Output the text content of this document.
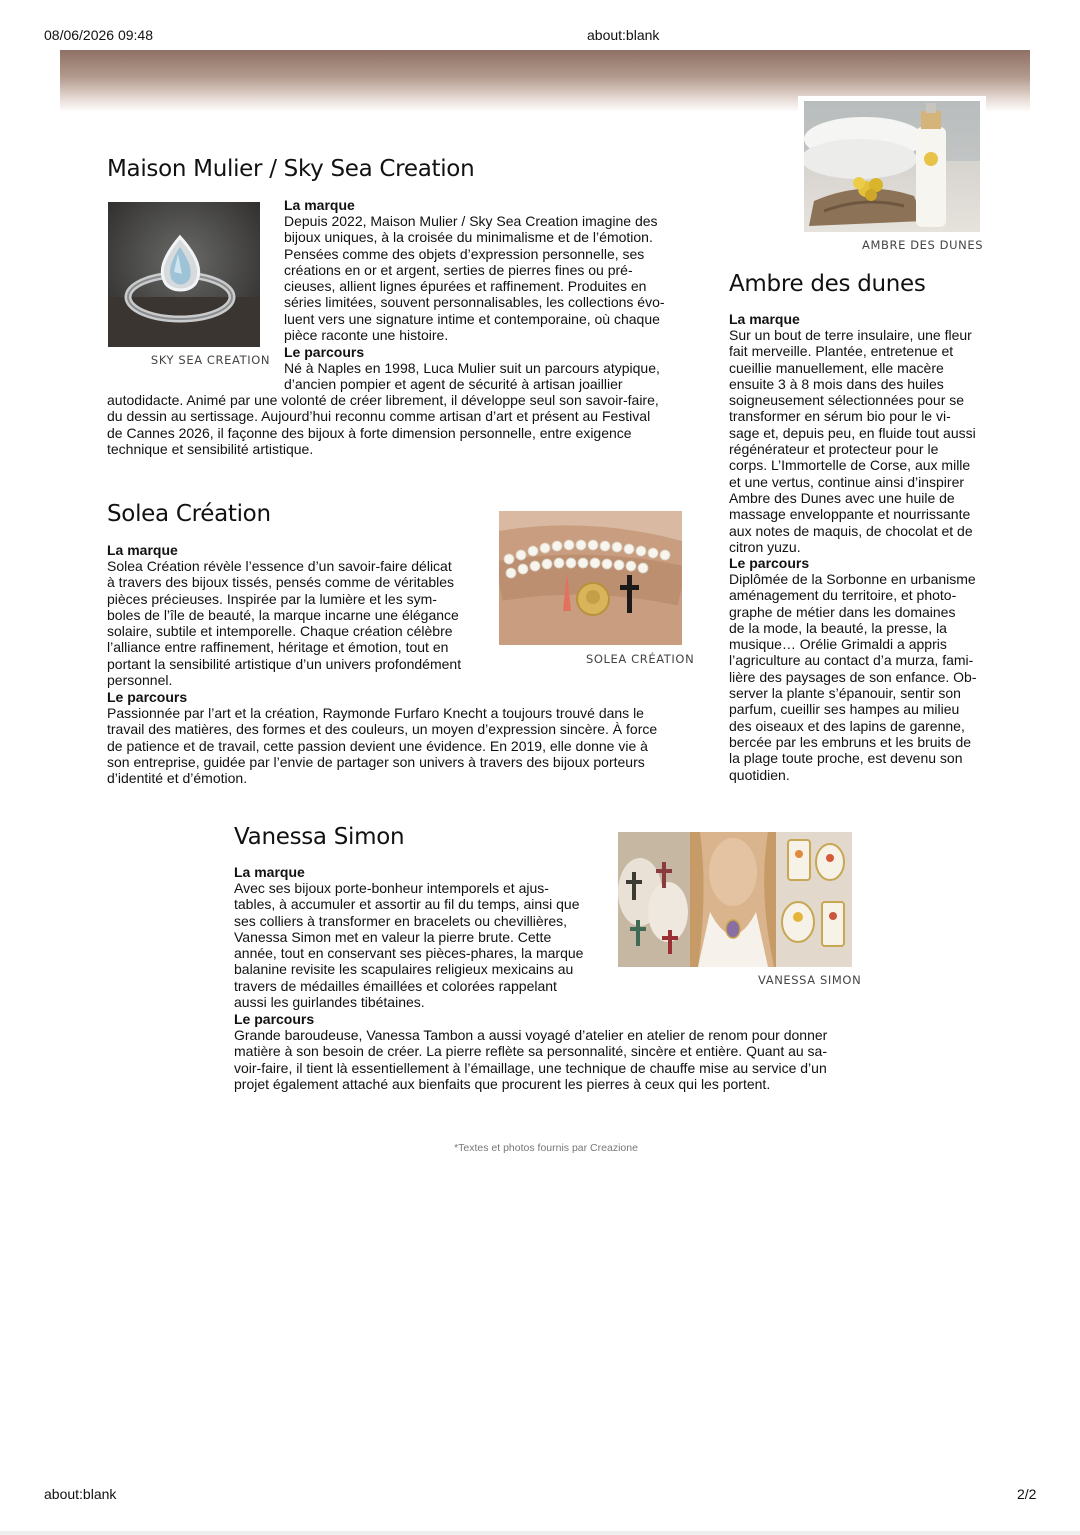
08/06/2026 09:48	about:blank
about:blank	2/2
Maison Mulier / Sky Sea Creation
SKY SEA CREATION
La marque

Depuis 2022, Maison Mulier / Sky Sea Creation imagine des

bijoux uniques, à la croisée du minimalisme et de l’émotion.

Pensées comme des objets d’expression personnelle, ses

créations en or et argent, serties de pierres fines ou pré-

cieuses, allient lignes épurées et raffinement. Produites en

séries limitées, souvent personnalisables, les collections évo-

luent vers une signature intime et contemporaine, où chaque

pièce raconte une histoire.

Le parcours

Né à Naples en 1998, Luca Mulier suit un parcours atypique,

d’ancien pompier et agent de sécurité à artisan joaillier

autodidacte. Animé par une volonté de créer librement, il développe seul son savoir-faire,

du dessin au sertissage. Aujourd’hui reconnu comme artisan d’art et présent au Festival

de Cannes 2026, il façonne des bijoux à forte dimension personnelle, entre exigence

technique et sensibilité artistique.

AMBRE DES DUNES
Ambre des dunes
La marque

Sur un bout de terre insulaire, une fleur

fait merveille. Plantée, entretenue et

cueillie manuellement, elle macère

ensuite 3 à 8 mois dans des huiles

soigneusement sélectionnées pour se

transformer en sérum bio pour le vi-

sage et, depuis peu, en fluide tout aussi

régénérateur et protecteur pour le

corps. L’Immortelle de Corse, aux mille

et une vertus, continue ainsi d’inspirer

Ambre des Dunes avec une huile de

massage enveloppante et nourrissante

aux notes de maquis, de chocolat et de

citron yuzu.

Le parcours

Diplômée de la Sorbonne en urbanisme

aménagement du territoire, et photo-

graphe de métier dans les domaines

de la mode, la beauté, la presse, la

musique… Orélie Grimaldi a appris

l’agriculture au contact d’a murza, fami-

lière des paysages de son enfance. Ob-

server la plante s’épanouir, sentir son

parfum, cueillir ses hampes au milieu

des oiseaux et des lapins de garenne,

bercée par les embruns et les bruits de

la plage toute proche, est devenu son

quotidien.

Solea Création
SOLEA CRÉATION
La marque

Solea Création révèle l’essence d’un savoir-faire délicat

à travers des bijoux tissés, pensés comme de véritables

pièces précieuses. Inspirée par la lumière et les sym-

boles de l’île de beauté, la marque incarne une élégance

solaire, subtile et intemporelle. Chaque création célèbre

l’alliance entre raffinement, héritage et émotion, tout en

portant la sensibilité artistique d’un univers profondément

personnel.

Le parcours

Passionnée par l’art et la création, Raymonde Furfaro Knecht a toujours trouvé dans le

travail des matières, des formes et des couleurs, un moyen d’expression sincère. À force

de patience et de travail, cette passion devient une évidence. En 2019, elle donne vie à

son entreprise, guidée par l’envie de partager son univers à travers des bijoux porteurs

d’identité et d’émotion.

Vanessa Simon
VANESSA SIMON
La marque

Avec ses bijoux porte-bonheur intemporels et ajus-

tables, à accumuler et assortir au fil du temps, ainsi que

ses colliers à transformer en bracelets ou chevillières,

Vanessa Simon met en valeur la pierre brute. Cette

année, tout en conservant ses pièces-phares, la marque

balanine revisite les scapulaires religieux mexicains au

travers de médailles émaillées et colorées rappelant

aussi les guirlandes tibétaines.

Le parcours

Grande baroudeuse, Vanessa Tambon a aussi voyagé d’atelier en atelier de renom pour donner

matière à son besoin de créer. La pierre reflète sa personnalité, sincère et entière. Quant au sa-

voir-faire, il tient là essentiellement à l’émaillage, une technique de chauffe mise au service d’un

projet également attaché aux bienfaits que procurent les pierres à ceux qui les portent.

*Textes et photos fournis par Creazione
